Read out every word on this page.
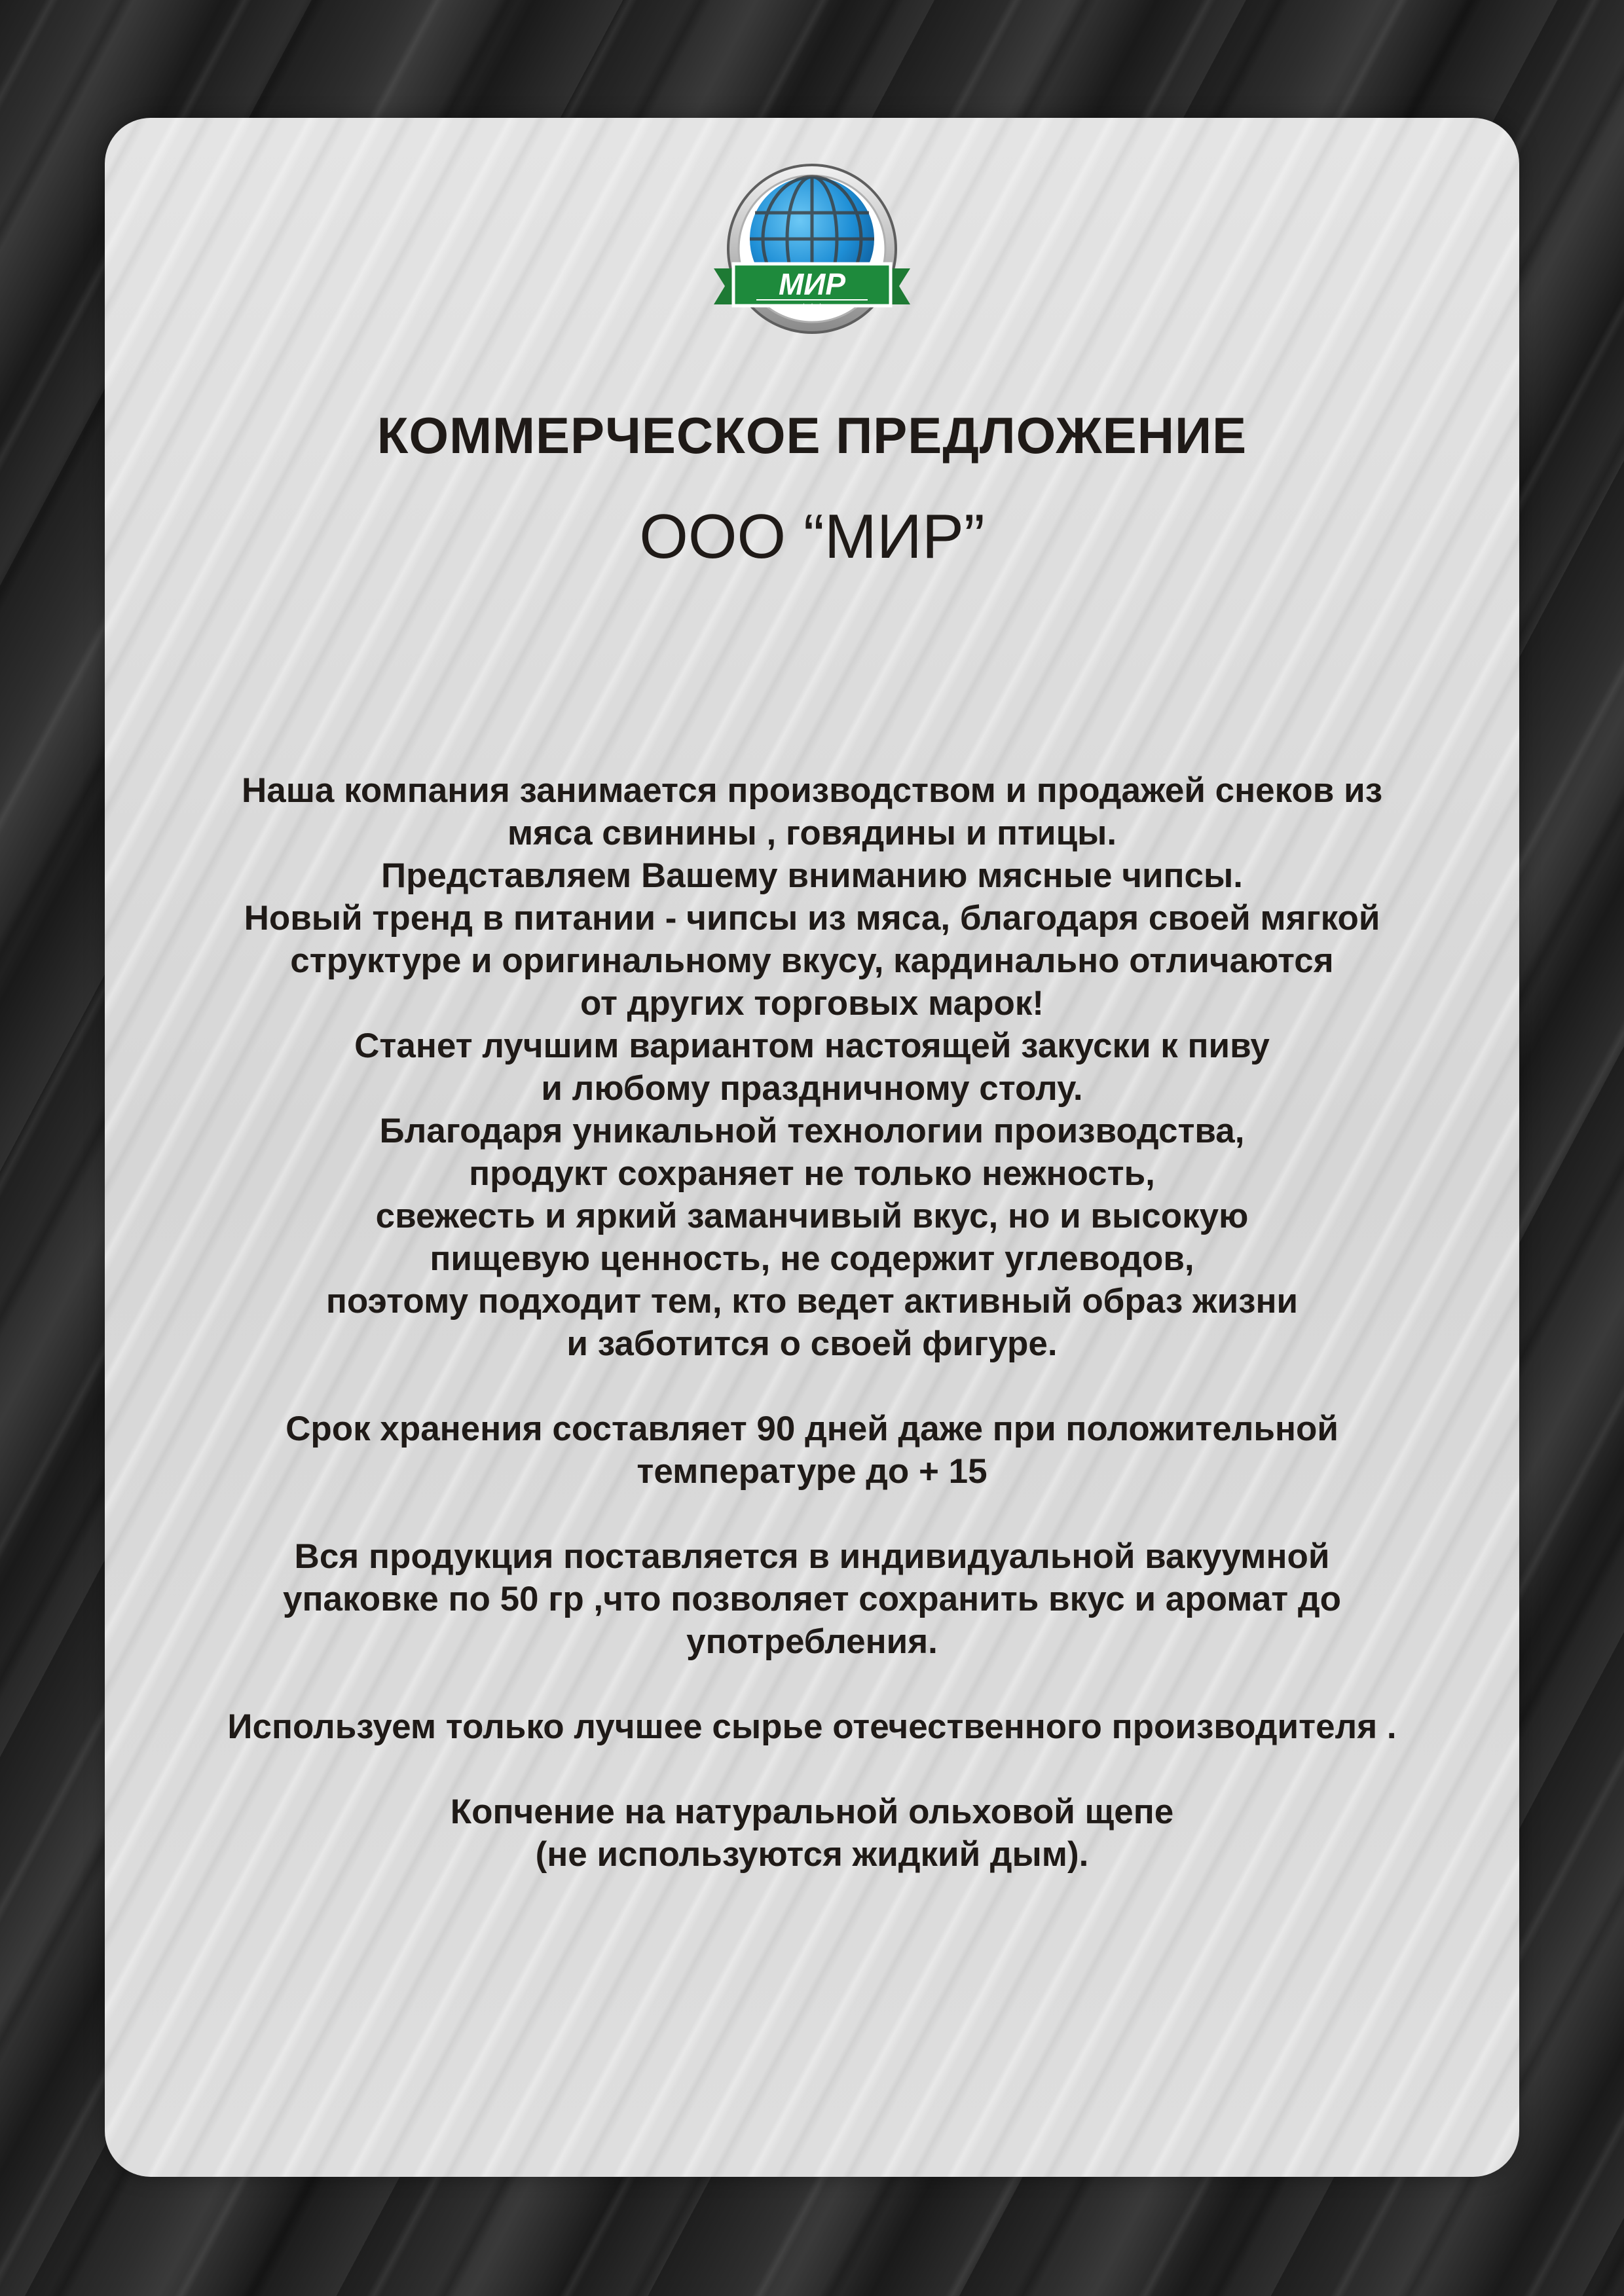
МИР
★★★
КОММЕРЧЕСКОЕ ПРЕДЛОЖЕНИЕ
ООО “МИР”
Наша компания занимается производством и продажей снеков из
мяса свинины , говядины и птицы.
Представляем Вашему вниманию мясные чипсы.
Новый тренд в питании - чипсы из мяса, благодаря своей мягкой
структуре и оригинальному вкусу, кардинально отличаются
от других торговых марок!
Станет лучшим вариантом настоящей закуски к пиву
и любому праздничному столу.
Благодаря уникальной технологии производства,
продукт сохраняет не только нежность,
свежесть и яркий заманчивый вкус, но и высокую
пищевую ценность, не содержит углеводов,
поэтому подходит тем, кто ведет активный образ жизни
и заботится о своей фигуре.
Срок хранения составляет 90 дней даже при положительной
температуре до + 15
Вся продукция поставляется в индивидуальной вакуумной
упаковке по 50 гр ,что позволяет сохранить вкус и аромат до
употребления.
Используем только лучшее сырье отечественного производителя .
Копчение на натуральной ольховой щепе
(не используются жидкий дым).
